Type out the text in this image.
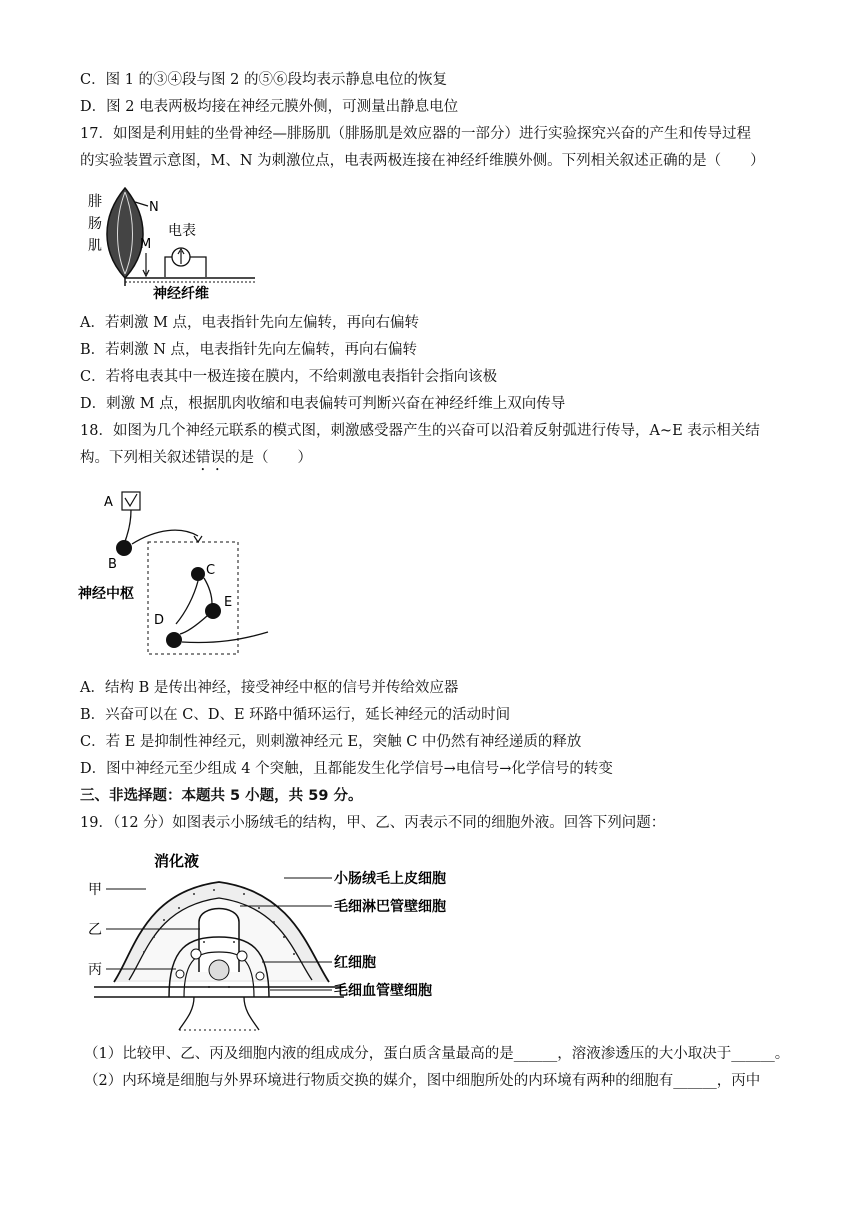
C．图 1 的③④段与图 2 的⑤⑥段均表示静息电位的恢复
D．图 2 电表两极均接在神经元膜外侧，可测量出静息电位
17．如图是利用蛙的坐骨神经—腓肠肌（腓肠肌是效应器的一部分）进行实验探究兴奋的产生和传导过程
的实验装置示意图，M、N 为刺激位点，电表两极连接在神经纤维膜外侧。下列相关叙述正确的是（　　）
N
M
电表
神经纤维
腓
肠
肌
A．若刺激 M 点，电表指针先向左偏转，再向右偏转
B．若刺激 N 点，电表指针先向左偏转，再向右偏转
C．若将电表其中一极连接在膜内，不给刺激电表指针会指向该极
D．刺激 M 点，根据肌肉收缩和电表偏转可判断兴奋在神经纤维上双向传导
18．如图为几个神经元联系的模式图，刺激感受器产生的兴奋可以沿着反射弧进行传导，A~E 表示相关结
构。下列相关叙述错误的是（　　）
A
B
神经中枢
C
E
D
A．结构 B 是传出神经，接受神经中枢的信号并传给效应器
B．兴奋可以在 C、D、E 环路中循环运行，延长神经元的活动时间
C．若 E 是抑制性神经元，则刺激神经元 E，突触 C 中仍然有神经递质的释放
D．图中神经元至少组成 4 个突触，且都能发生化学信号→电信号→化学信号的转变
三、非选择题：本题共 5 小题，共 59 分。
19．（12 分）如图表示小肠绒毛的结构，甲、乙、丙表示不同的细胞外液。回答下列问题：
消化液
甲
乙
丙
小肠绒毛上皮细胞
毛细淋巴管壁细胞
红细胞
毛细血管壁细胞
（1）比较甲、乙、丙及细胞内液的组成成分，蛋白质含量最高的是______，溶液渗透压的大小取决于______。
（2）内环境是细胞与外界环境进行物质交换的媒介，图中细胞所处的内环境有两种的细胞有______，丙中
